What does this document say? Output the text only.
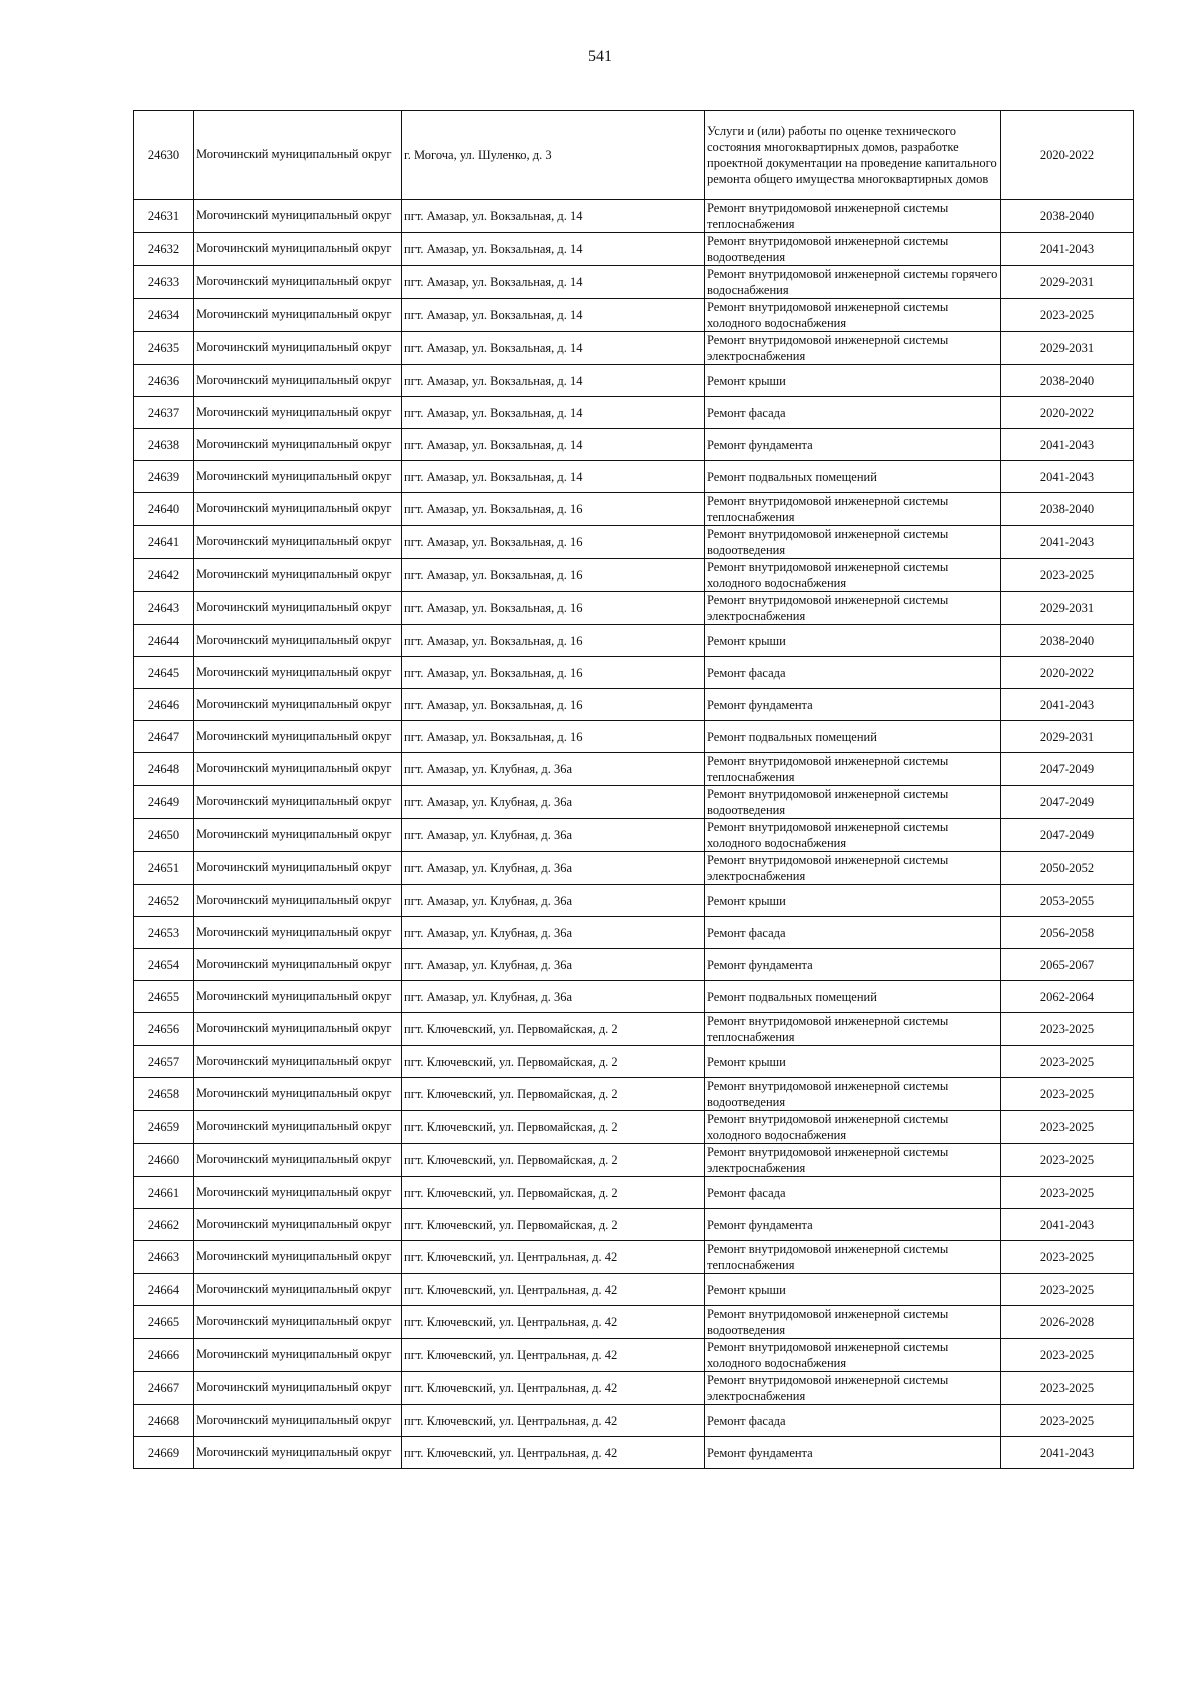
541
24630	Могочинский муниципальный округ	г. Могоча, ул. Шуленко, д. 3	Услуги и (или) работы по оценке технического состояния многоквартирных домов, разработке проектной документации на проведение капитального ремонта общего имущества многоквартирных домов	2020-2022
24631	Могочинский муниципальный округ	пгт. Амазар, ул. Вокзальная, д. 14	Ремонт внутридомовой инженерной системы теплоснабжения	2038-2040
24632	Могочинский муниципальный округ	пгт. Амазар, ул. Вокзальная, д. 14	Ремонт внутридомовой инженерной системы водоотведения	2041-2043
24633	Могочинский муниципальный округ	пгт. Амазар, ул. Вокзальная, д. 14	Ремонт внутридомовой инженерной системы горячего водоснабжения	2029-2031
24634	Могочинский муниципальный округ	пгт. Амазар, ул. Вокзальная, д. 14	Ремонт внутридомовой инженерной системы холодного водоснабжения	2023-2025
24635	Могочинский муниципальный округ	пгт. Амазар, ул. Вокзальная, д. 14	Ремонт внутридомовой инженерной системы электроснабжения	2029-2031
24636	Могочинский муниципальный округ	пгт. Амазар, ул. Вокзальная, д. 14	Ремонт крыши	2038-2040
24637	Могочинский муниципальный округ	пгт. Амазар, ул. Вокзальная, д. 14	Ремонт фасада	2020-2022
24638	Могочинский муниципальный округ	пгт. Амазар, ул. Вокзальная, д. 14	Ремонт фундамента	2041-2043
24639	Могочинский муниципальный округ	пгт. Амазар, ул. Вокзальная, д. 14	Ремонт подвальных помещений	2041-2043
24640	Могочинский муниципальный округ	пгт. Амазар, ул. Вокзальная, д. 16	Ремонт внутридомовой инженерной системы теплоснабжения	2038-2040
24641	Могочинский муниципальный округ	пгт. Амазар, ул. Вокзальная, д. 16	Ремонт внутридомовой инженерной системы водоотведения	2041-2043
24642	Могочинский муниципальный округ	пгт. Амазар, ул. Вокзальная, д. 16	Ремонт внутридомовой инженерной системы холодного водоснабжения	2023-2025
24643	Могочинский муниципальный округ	пгт. Амазар, ул. Вокзальная, д. 16	Ремонт внутридомовой инженерной системы электроснабжения	2029-2031
24644	Могочинский муниципальный округ	пгт. Амазар, ул. Вокзальная, д. 16	Ремонт крыши	2038-2040
24645	Могочинский муниципальный округ	пгт. Амазар, ул. Вокзальная, д. 16	Ремонт фасада	2020-2022
24646	Могочинский муниципальный округ	пгт. Амазар, ул. Вокзальная, д. 16	Ремонт фундамента	2041-2043
24647	Могочинский муниципальный округ	пгт. Амазар, ул. Вокзальная, д. 16	Ремонт подвальных помещений	2029-2031
24648	Могочинский муниципальный округ	пгт. Амазар, ул. Клубная, д. 36а	Ремонт внутридомовой инженерной системы теплоснабжения	2047-2049
24649	Могочинский муниципальный округ	пгт. Амазар, ул. Клубная, д. 36а	Ремонт внутридомовой инженерной системы водоотведения	2047-2049
24650	Могочинский муниципальный округ	пгт. Амазар, ул. Клубная, д. 36а	Ремонт внутридомовой инженерной системы холодного водоснабжения	2047-2049
24651	Могочинский муниципальный округ	пгт. Амазар, ул. Клубная, д. 36а	Ремонт внутридомовой инженерной системы электроснабжения	2050-2052
24652	Могочинский муниципальный округ	пгт. Амазар, ул. Клубная, д. 36а	Ремонт крыши	2053-2055
24653	Могочинский муниципальный округ	пгт. Амазар, ул. Клубная, д. 36а	Ремонт фасада	2056-2058
24654	Могочинский муниципальный округ	пгт. Амазар, ул. Клубная, д. 36а	Ремонт фундамента	2065-2067
24655	Могочинский муниципальный округ	пгт. Амазар, ул. Клубная, д. 36а	Ремонт подвальных помещений	2062-2064
24656	Могочинский муниципальный округ	пгт. Ключевский, ул. Первомайская, д. 2	Ремонт внутридомовой инженерной системы теплоснабжения	2023-2025
24657	Могочинский муниципальный округ	пгт. Ключевский, ул. Первомайская, д. 2	Ремонт крыши	2023-2025
24658	Могочинский муниципальный округ	пгт. Ключевский, ул. Первомайская, д. 2	Ремонт внутридомовой инженерной системы водоотведения	2023-2025
24659	Могочинский муниципальный округ	пгт. Ключевский, ул. Первомайская, д. 2	Ремонт внутридомовой инженерной системы холодного водоснабжения	2023-2025
24660	Могочинский муниципальный округ	пгт. Ключевский, ул. Первомайская, д. 2	Ремонт внутридомовой инженерной системы электроснабжения	2023-2025
24661	Могочинский муниципальный округ	пгт. Ключевский, ул. Первомайская, д. 2	Ремонт фасада	2023-2025
24662	Могочинский муниципальный округ	пгт. Ключевский, ул. Первомайская, д. 2	Ремонт фундамента	2041-2043
24663	Могочинский муниципальный округ	пгт. Ключевский, ул. Центральная, д. 42	Ремонт внутридомовой инженерной системы теплоснабжения	2023-2025
24664	Могочинский муниципальный округ	пгт. Ключевский, ул. Центральная, д. 42	Ремонт крыши	2023-2025
24665	Могочинский муниципальный округ	пгт. Ключевский, ул. Центральная, д. 42	Ремонт внутридомовой инженерной системы водоотведения	2026-2028
24666	Могочинский муниципальный округ	пгт. Ключевский, ул. Центральная, д. 42	Ремонт внутридомовой инженерной системы холодного водоснабжения	2023-2025
24667	Могочинский муниципальный округ	пгт. Ключевский, ул. Центральная, д. 42	Ремонт внутридомовой инженерной системы электроснабжения	2023-2025
24668	Могочинский муниципальный округ	пгт. Ключевский, ул. Центральная, д. 42	Ремонт фасада	2023-2025
24669	Могочинский муниципальный округ	пгт. Ключевский, ул. Центральная, д. 42	Ремонт фундамента	2041-2043
